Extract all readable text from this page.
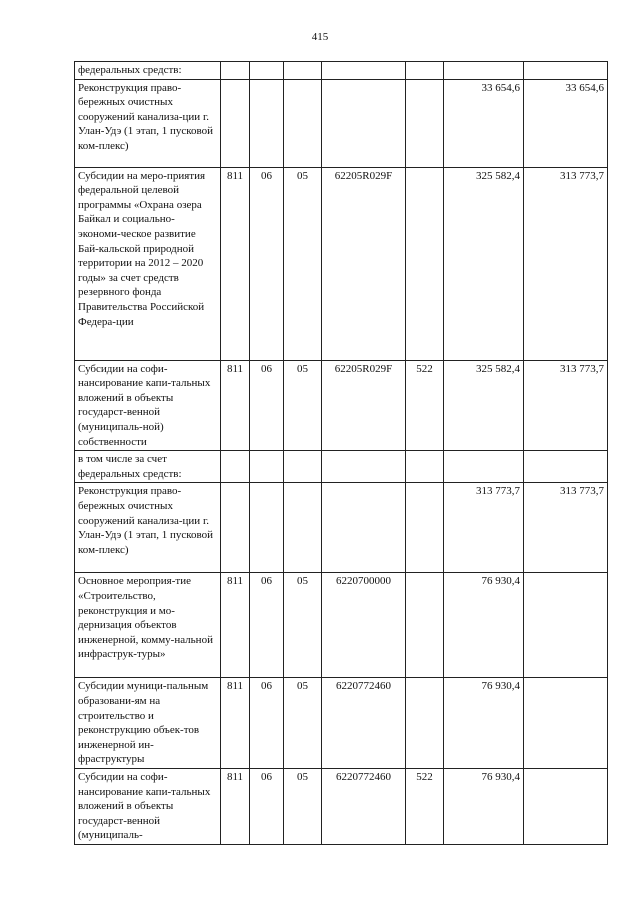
415
федеральных средств:							
Реконструкция право-бережных очистных сооружений канализа-ции г. Улан-Удэ (1 этап, 1 пусковой ком-плекс)						33 654,6	33 654,6
Субсидии на меро-приятия федеральной целевой программы «Охрана озера Байкал и социально-экономи-ческое развитие Бай-кальской природной территории на 2012 – 2020 годы» за счет средств резервного фонда Правительства Российской Федера-ции	811	06	05	62205R029F		325 582,4	313 773,7
Субсидии на софи-нансирование капи-тальных вложений в объекты государст-венной (муниципаль-ной) собственности	811	06	05	62205R029F	522	325 582,4	313 773,7
в том числе за счет федеральных средств:							
Реконструкция право-бережных очистных сооружений канализа-ции г. Улан-Удэ (1 этап, 1 пусковой ком-плекс)						313 773,7	313 773,7
Основное мероприя-тие «Строительство, реконструкция и мо-дернизация объектов инженерной, комму-нальной инфраструк-туры»	811	06	05	6220700000		76 930,4	
Субсидии муници-пальным образовани-ям на строительство и реконструкцию объек-тов инженерной ин-фраструктуры	811	06	05	6220772460		76 930,4	
Субсидии на софи-нансирование капи-тальных вложений в объекты государст-венной (муниципаль-	811	06	05	6220772460	522	76 930,4	
